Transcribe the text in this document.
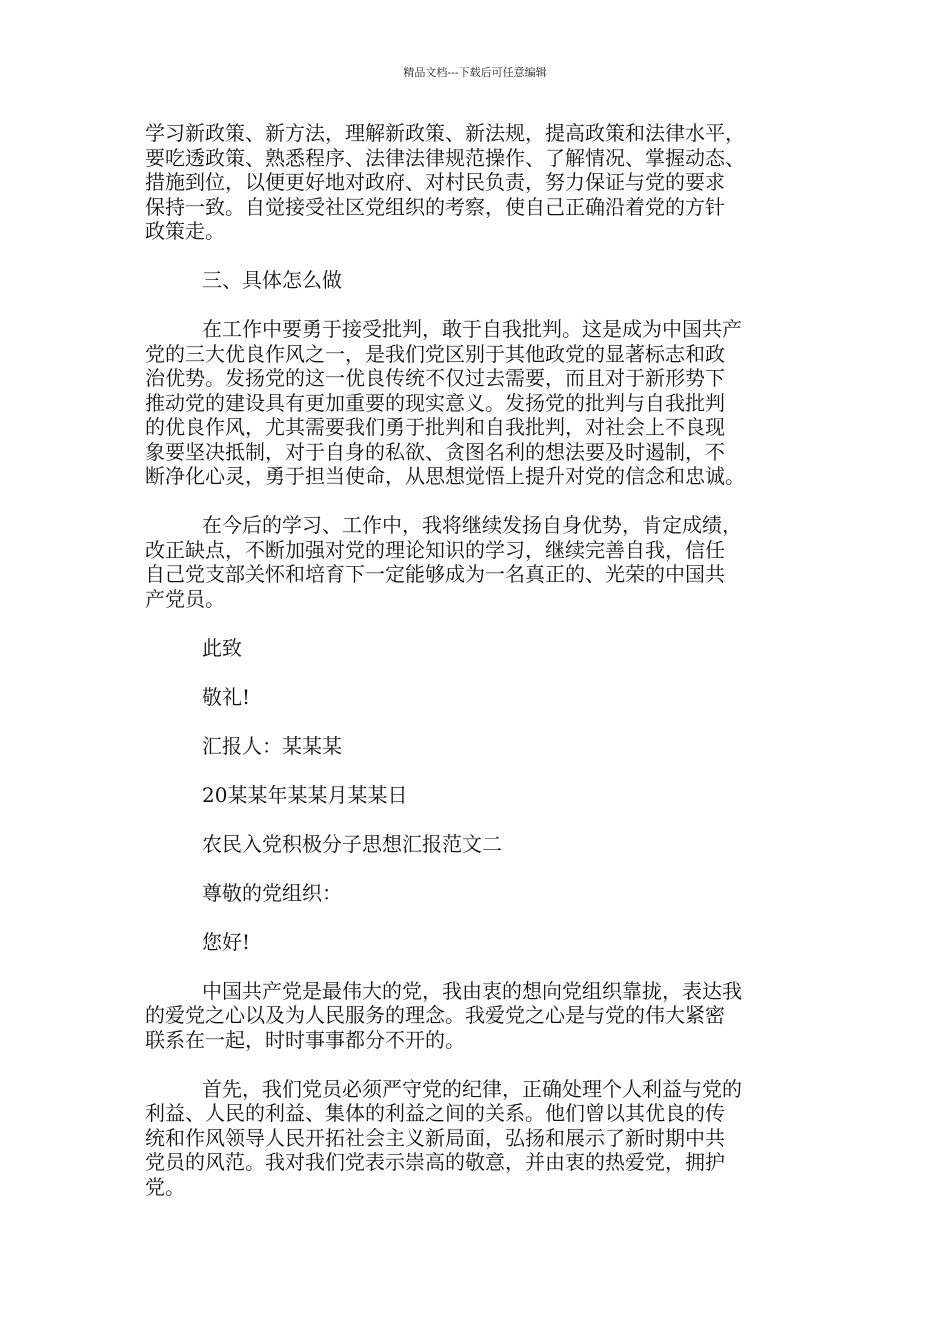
精品文档---下载后可任意编辑
学习新政策、新方法，理解新政策、新法规，提高政策和法律水平，
要吃透政策、熟悉程序、法律法律规范操作、了解情况、掌握动态、
措施到位，以便更好地对政府、对村民负责，努力保证与党的要求
保持一致。自觉接受社区党组织的考察，使自己正确沿着党的方针
政策走。
三、具体怎么做
在工作中要勇于接受批判，敢于自我批判。这是成为中国共产
党的三大优良作风之一，是我们党区别于其他政党的显著标志和政
治优势。发扬党的这一优良传统不仅过去需要，而且对于新形势下
推动党的建设具有更加重要的现实意义。发扬党的批判与自我批判
的优良作风，尤其需要我们勇于批判和自我批判，对社会上不良现
象要坚决抵制，对于自身的私欲、贪图名利的想法要及时遏制，不
断净化心灵，勇于担当使命，从思想觉悟上提升对党的信念和忠诚。
在今后的学习、工作中，我将继续发扬自身优势，肯定成绩，
改正缺点，不断加强对党的理论知识的学习，继续完善自我，信任
自己党支部关怀和培育下一定能够成为一名真正的、光荣的中国共
产党员。
此致
敬礼!
汇报人：某某某
20某某年某某月某某日
农民入党积极分子思想汇报范文二
尊敬的党组织：
您好!
中国共产党是最伟大的党，我由衷的想向党组织靠拢，表达我
的爱党之心以及为人民服务的理念。我爱党之心是与党的伟大紧密
联系在一起，时时事事都分不开的。
首先，我们党员必须严守党的纪律，正确处理个人利益与党的
利益、人民的利益、集体的利益之间的关系。他们曾以其优良的传
统和作风领导人民开拓社会主义新局面，弘扬和展示了新时期中共
党员的风范。我对我们党表示崇高的敬意，并由衷的热爱党，拥护
党。
